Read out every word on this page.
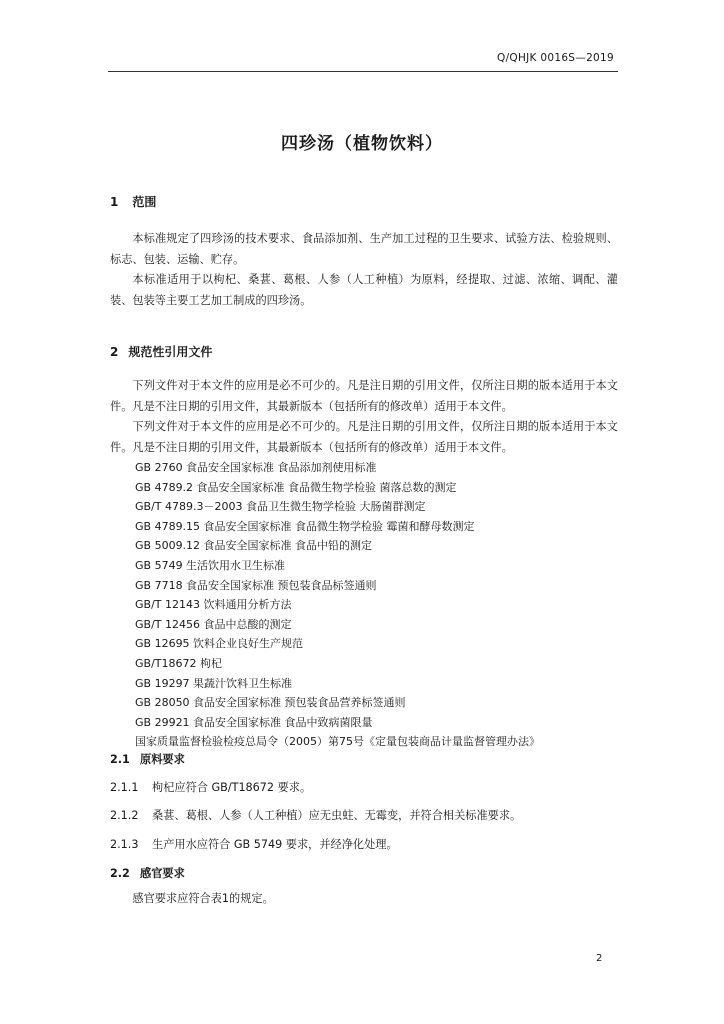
Q/QHJK 0016S—2019
四珍汤（植物饮料）
1 范围

本标准规定了四珍汤的技术要求、食品添加剂、生产加工过程的卫生要求、试验方法、检验规则、标志、包装、运输、贮存。

本标准适用于以枸杞、桑葚、葛根、人参（人工种植）为原料，经提取、过滤、浓缩、调配、灌装、包装等主要工艺加工制成的四珍汤。

2 规范性引用文件

下列文件对于本文件的应用是必不可少的。凡是注日期的引用文件，仅所注日期的版本适用于本文件。凡是不注日期的引用文件，其最新版本（包括所有的修改单）适用于本文件。

下列文件对于本文件的应用是必不可少的。凡是注日期的引用文件，仅所注日期的版本适用于本文件。凡是不注日期的引用文件，其最新版本（包括所有的修改单）适用于本文件。

GB 2760 食品安全国家标准 食品添加剂使用标准
GB 4789.2 食品安全国家标准 食品微生物学检验 菌落总数的测定
GB/T 4789.3－2003 食品卫生微生物学检验 大肠菌群测定
GB 4789.15 食品安全国家标准 食品微生物学检验 霉菌和酵母数测定
GB 5009.12 食品安全国家标准 食品中铅的测定
GB 5749 生活饮用水卫生标准
GB 7718 食品安全国家标准 预包装食品标签通则
GB/T 12143 饮料通用分析方法
GB/T 12456 食品中总酸的测定
GB 12695 饮料企业良好生产规范
GB/T18672 枸杞
GB 19297 果蔬汁饮料卫生标准
GB 28050 食品安全国家标准 预包装食品营养标签通则
GB 29921 食品安全国家标准 食品中致病菌限量
国家质量监督检验检疫总局令（2005）第75号《定量包装商品计量监督管理办法》
2.1 原料要求
2.1.1 枸杞应符合 GB/T18672 要求。
2.1.2 桑葚、葛根、人参（人工种植）应无虫蛀、无霉变，并符合相关标准要求。
2.1.3 生产用水应符合 GB 5749 要求，并经净化处理。
2.2 感官要求

感官要求应符合表1的规定。

2
